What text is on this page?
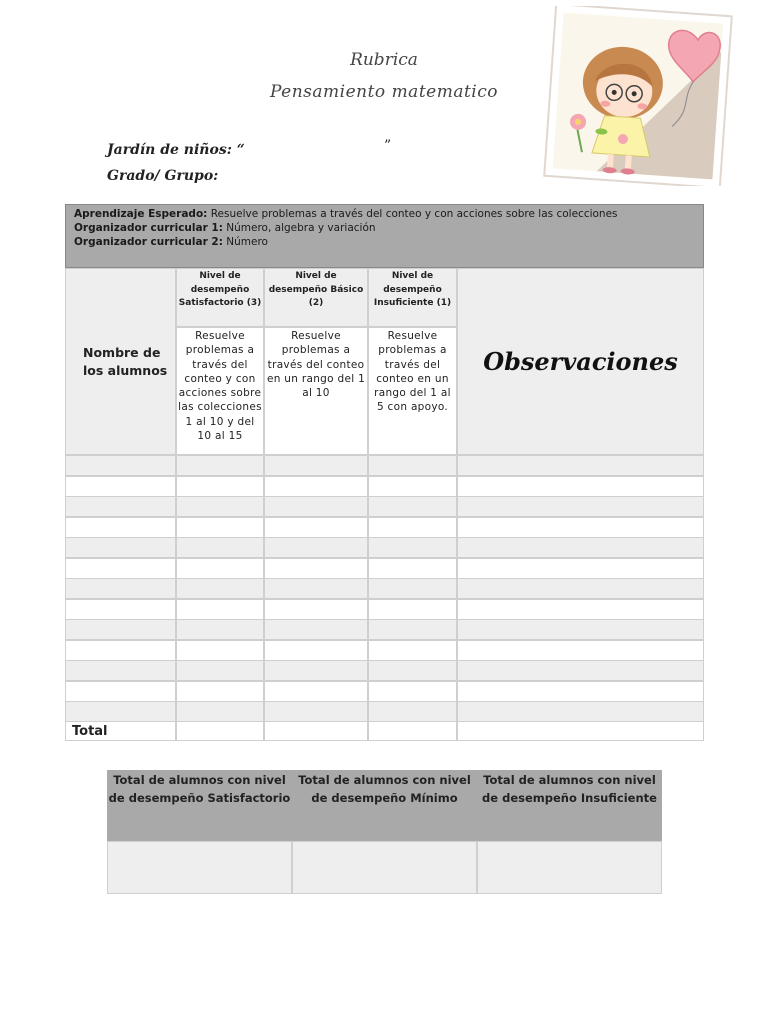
Rubrica
Pensamiento matematico
Jardín de niños: “	”
Grado/ Grupo:
Aprendizaje Esperado: Resuelve problemas a través del conteo y con acciones sobre las colecciones
Organizador curricular 1: Número, algebra y variación
Organizador curricular 2: Número
Nombre de los alumnos
Nivel de desempeño Satisfactorio (3)
Nivel de desempeño Básico (2)
Nivel de desempeño Insuficiente (1)
Resuelve problemas a través del conteo y con acciones sobre las colecciones 1 al 10 y del 10 al 15
Resuelve problemas a través del conteo en un rango del 1 al 10
Resuelve problemas a través del conteo en un rango del 1 al 5 con apoyo.
Observaciones
Total
Total de alumnos con nivel de desempeño Satisfactorio
Total de alumnos con nivel de desempeño Mínimo
Total de alumnos con nivel de desempeño Insuficiente
